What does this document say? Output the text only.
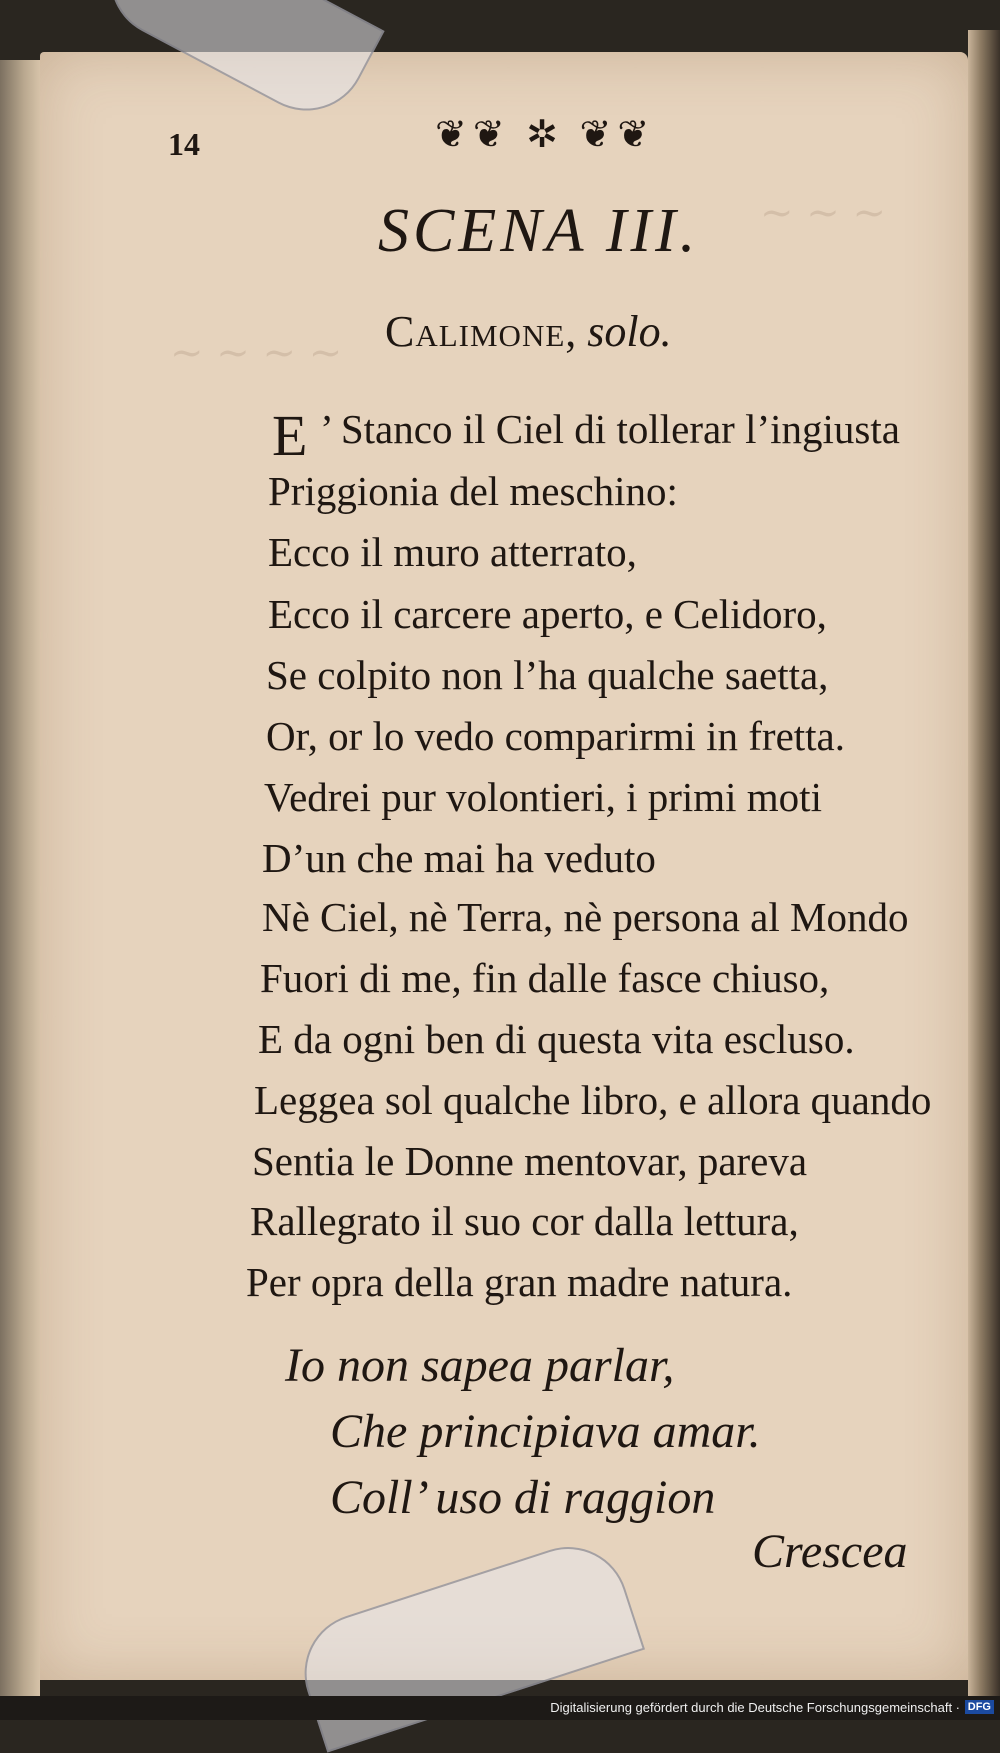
~ ~ ~
~ ~ ~ ~
14	❦❦ ✲ ❦❦
SCENA III.
Calimone, solo.
E ’ Stanco il Ciel di tollerar l’ingiusta
Priggionia del meschino:
Ecco il muro atterrato,
Ecco il carcere aperto, e Celidoro,
Se colpito non l’ha qualche saetta,
Or, or lo vedo comparirmi in fretta.
Vedrei pur volontieri, i primi moti
D’un che mai ha veduto
Nè Ciel, nè Terra, nè persona al Mondo
Fuori di me, fin dalle fasce chiuso,
E da ogni ben di questa vita escluso.
Leggea sol qualche libro, e allora quando
Sentia le Donne mentovar, pareva
Rallegrato il suo cor dalla lettura,
Per opra della gran madre natura.
Io non sapea parlar,
Che principiava amar.
Coll’ uso di raggion
Crescea
Digitalisierung gefördert durch die Deutsche Forschungsgemeinschaft · DFG
